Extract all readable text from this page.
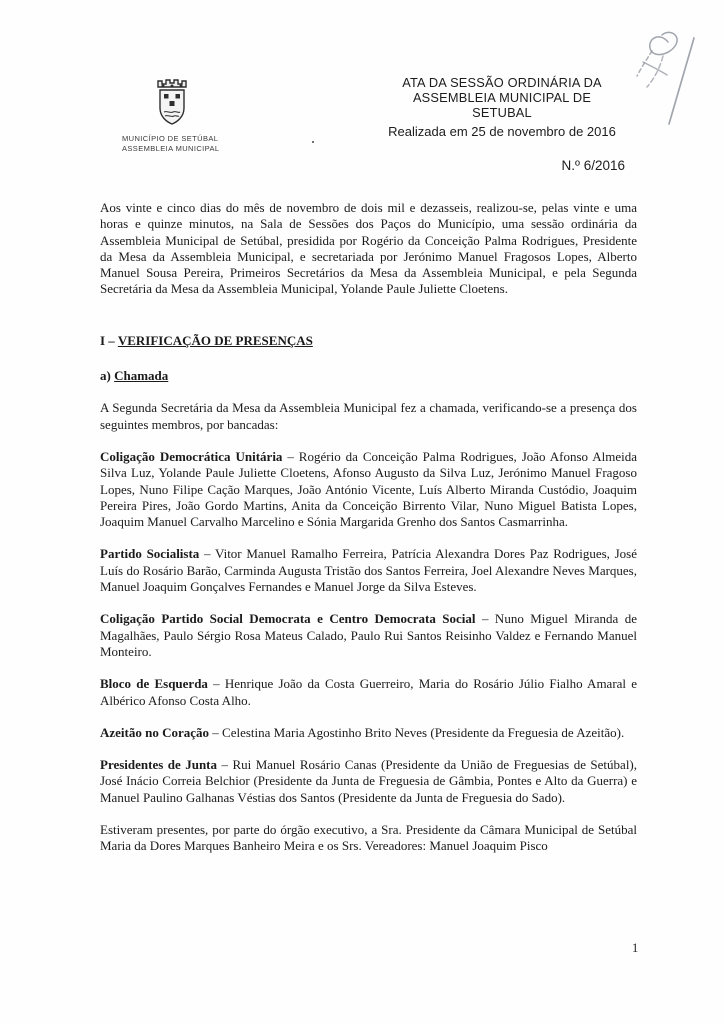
MUNICÍPIO DE SETÚBAL
ASSEMBLEIA MUNICIPAL
ATA DA SESSÃO ORDINÁRIA DA
ASSEMBLEIA MUNICIPAL DE
SETUBAL
Realizada em 25 de novembro de 2016
N.º 6/2016

Aos vinte e cinco dias do mês de novembro de dois mil e dezasseis, realizou-se, pelas vinte e uma horas e quinze minutos, na Sala de Sessões dos Paços do Município, uma sessão ordinária da Assembleia Municipal de Setúbal, presidida por Rogério da Conceição Palma Rodrigues, Presidente da Mesa da Assembleia Municipal, e secretariada por Jerónimo Manuel Fragosos Lopes, Alberto Manuel Sousa Pereira, Primeiros Secretários da Mesa da Assembleia Municipal, e pela Segunda Secretária da Mesa da Assembleia Municipal, Yolande Paule Juliette Cloetens.

I – VERIFICAÇÃO DE PRESENÇAS
a) Chamada

A Segunda Secretária da Mesa da Assembleia Municipal fez a chamada, verificando-se a presença dos seguintes membros, por bancadas:

Coligação Democrática Unitária – Rogério da Conceição Palma Rodrigues, João Afonso Almeida Silva Luz, Yolande Paule Juliette Cloetens, Afonso Augusto da Silva Luz, Jerónimo Manuel Fragoso Lopes, Nuno Filipe Cação Marques, João António Vicente, Luís Alberto Miranda Custódio, Joaquim Pereira Pires, João Gordo Martins, Anita da Conceição Birrento Vilar, Nuno Miguel Batista Lopes, Joaquim Manuel Carvalho Marcelino e Sónia Margarida Grenho dos Santos Casmarrinha.

Partido Socialista – Vitor Manuel Ramalho Ferreira, Patrícia Alexandra Dores Paz Rodrigues, José Luís do Rosário Barão, Carminda Augusta Tristão dos Santos Ferreira, Joel Alexandre Neves Marques, Manuel Joaquim Gonçalves Fernandes e Manuel Jorge da Silva Esteves.

Coligação Partido Social Democrata e Centro Democrata Social – Nuno Miguel Miranda de Magalhães, Paulo Sérgio Rosa Mateus Calado, Paulo Rui Santos Reisinho Valdez e Fernando Manuel Monteiro.

Bloco de Esquerda – Henrique João da Costa Guerreiro, Maria do Rosário Júlio Fialho Amaral e Albérico Afonso Costa Alho.

Azeitão no Coração – Celestina Maria Agostinho Brito Neves (Presidente da Freguesia de Azeitão).

Presidentes de Junta – Rui Manuel Rosário Canas (Presidente da União de Freguesias de Setúbal), José Inácio Correia Belchior (Presidente da Junta de Freguesia de Gâmbia, Pontes e Alto da Guerra) e Manuel Paulino Galhanas Véstias dos Santos (Presidente da Junta de Freguesia do Sado).

Estiveram presentes, por parte do órgão executivo, a Sra. Presidente da Câmara Municipal de Setúbal Maria da Dores Marques Banheiro Meira e os Srs. Vereadores: Manuel Joaquim Pisco

1
